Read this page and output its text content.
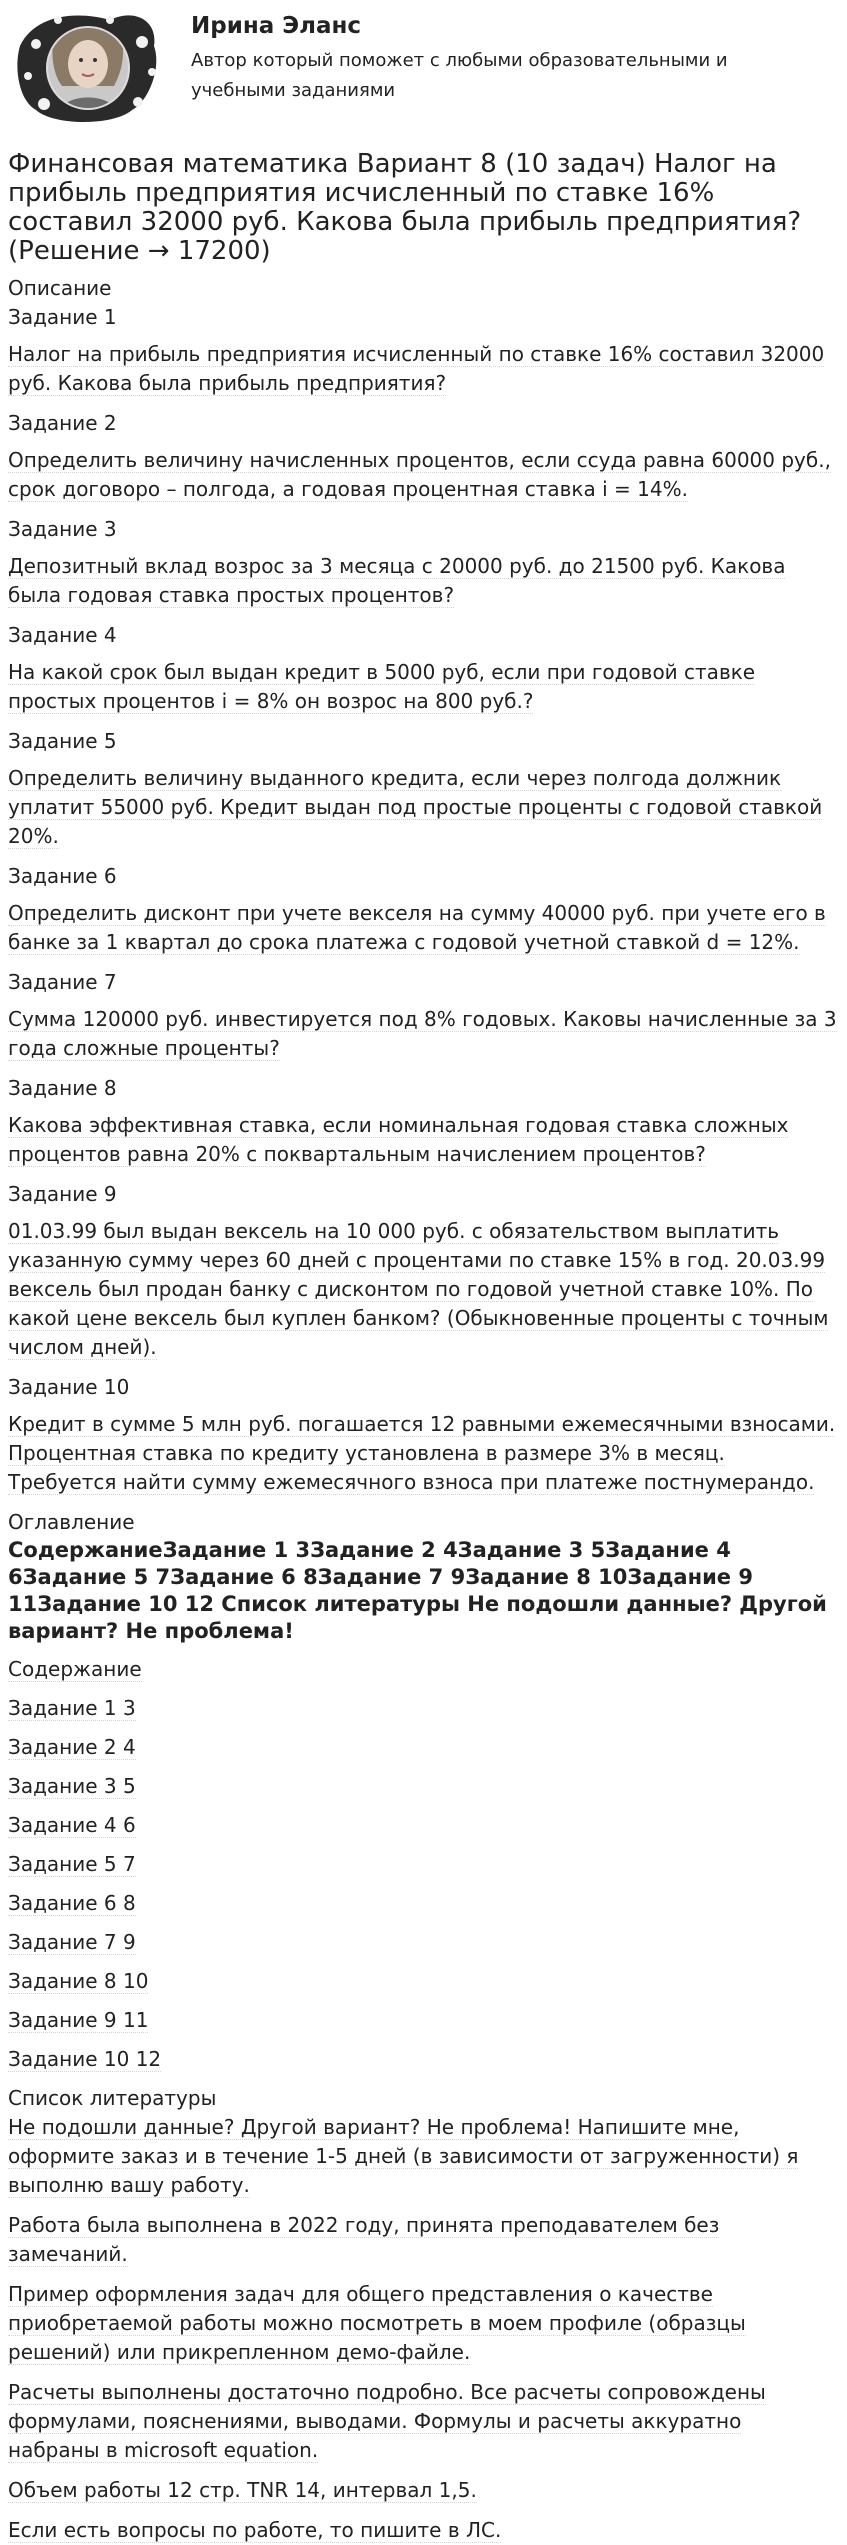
Ирина Эланс
Автор который поможет с любыми образовательными и учебными заданиями
Финансовая математика Вариант 8 (10 задач) Налог на прибыль предприятия исчисленный по ставке 16% составил 32000 руб. Какова была прибыль предприятия? (Решение → 17200)
Описание
Задание 1

Налог на прибыль предприятия исчисленный по ставке 16% составил 32000 руб. Какова была прибыль предприятия?

Задание 2

Определить величину начисленных процентов, если ссуда равна 60000 руб., срок договоро – полгода, а годовая процентная ставка i = 14%.

Задание 3

Депозитный вклад возрос за 3 месяца с 20000 руб. до 21500 руб. Какова была годовая ставка простых процентов?

Задание 4

На какой срок был выдан кредит в 5000 руб, если при годовой ставке простых процентов i = 8% он возрос на 800 руб.?

Задание 5

Определить величину выданного кредита, если через полгода должник уплатит 55000 руб. Кредит выдан под простые проценты с годовой ставкой 20%.

Задание 6

Определить дисконт при учете векселя на сумму 40000 руб. при учете его в банке за 1 квартал до срока платежа с годовой учетной ставкой d = 12%.

Задание 7

Сумма 120000 руб. инвестируется под 8% годовых. Каковы начисленные за 3 года сложные проценты?

Задание 8

Какова эффективная ставка, если номинальная годовая ставка сложных процентов равна 20% с поквартальным начислением процентов?

Задание 9

01.03.99 был выдан вексель на 10 000 руб. с обязательством выплатить указанную сумму через 60 дней с процентами по ставке 15% в год. 20.03.99 вексель был продан банку с дисконтом по годовой учетной ставке 10%. По какой цене вексель был куплен банком? (Обыкновенные проценты с точным числом дней).

Задание 10

Кредит в сумме 5 млн руб. погашается 12 равными ежемесячными взносами. Процентная ставка по кредиту установлена в размере 3% в месяц. Требуется найти сумму ежемесячного взноса при платеже постнумерандо.

Оглавление

СодержаниеЗадание 1 3Задание 2 4Задание 3 5Задание 4 6Задание 5 7Задание 6 8Задание 7 9Задание 8 10Задание 9 11Задание 10 12 Список литературы Не подошли данные? Другой вариант? Не проблема!

Содержание

Задание 1 3

Задание 2 4

Задание 3 5

Задание 4 6

Задание 5 7

Задание 6 8

Задание 7 9

Задание 8 10

Задание 9 11

Задание 10 12

Список литературы

Не подошли данные? Другой вариант? Не проблема! Напишите мне, оформите заказ и в течение 1-5 дней (в зависимости от загруженности) я выполню вашу работу.

Работа была выполнена в 2022 году, принята преподавателем без замечаний.

Пример оформления задач для общего представления о качестве приобретаемой работы можно посмотреть в моем профиле (образцы решений) или прикрепленном демо-файле.

Расчеты выполнены достаточно подробно. Все расчеты сопровождены формулами, пояснениями, выводами. Формулы и расчеты аккуратно набраны в microsoft equation.

Объем работы 12 стр. TNR 14, интервал 1,5.

Если есть вопросы по работе, то пишите в ЛС.
